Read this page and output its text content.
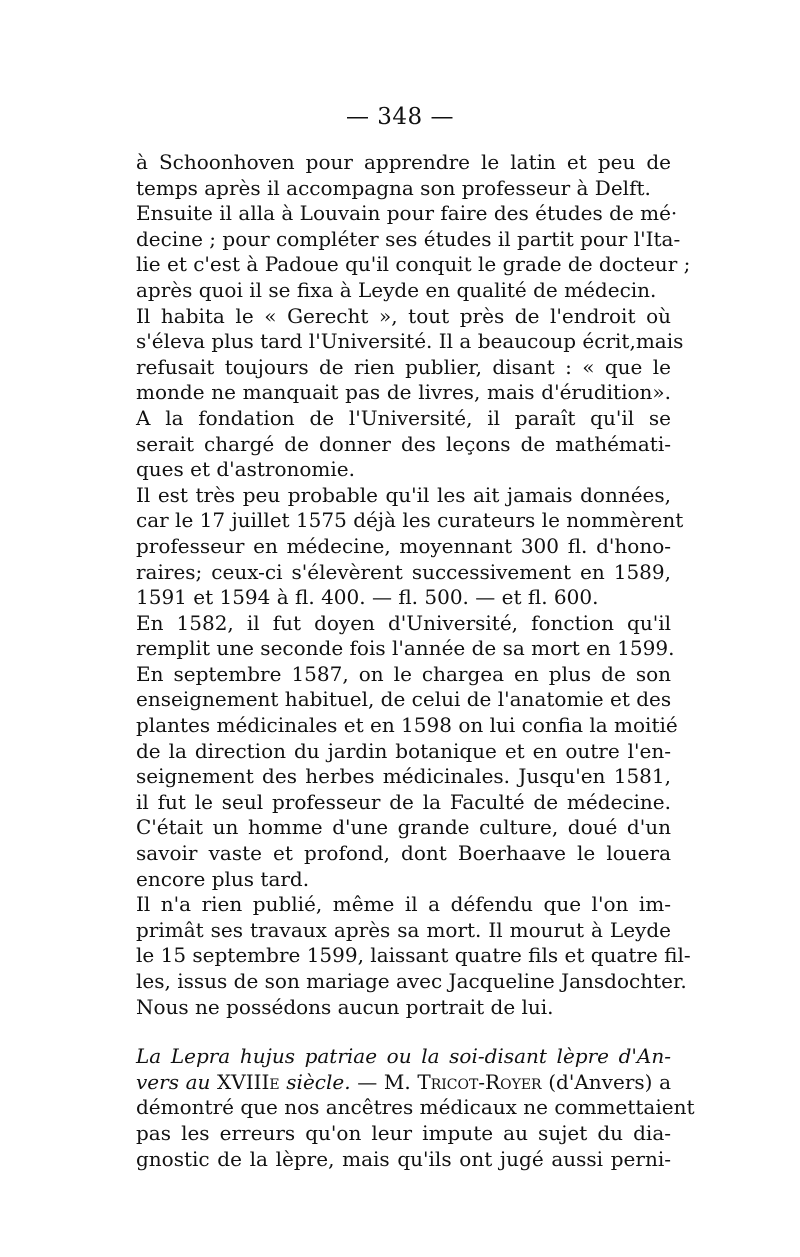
— 348 —
à Schoonhoven pour apprendre le latin et peu de
temps après il accompagna son professeur à Delft.
Ensuite il alla à Louvain pour faire des études de mé·
decine ; pour compléter ses études il partit pour l'Ita-
lie et c'est à Padoue qu'il conquit le grade de docteur ;
après quoi il se fixa à Leyde en qualité de médecin.
Il habita le « Gerecht », tout près de l'endroit où
s'éleva plus tard l'Université. Il a beaucoup écrit,mais
refusait toujours de rien publier, disant : « que le
monde ne manquait pas de livres, mais d'érudition».
A la fondation de l'Université, il paraît qu'il se
serait chargé de donner des leçons de mathémati-
ques et d'astronomie.
Il est très peu probable qu'il les ait jamais données,
car le 17 juillet 1575 déjà les curateurs le nommèrent
professeur en médecine, moyennant 300 fl. d'hono-
raires; ceux-ci s'élevèrent successivement en 1589,
1591 et 1594 à fl. 400. — fl. 500. — et fl. 600.
En 1582, il fut doyen d'Université, fonction qu'il
remplit une seconde fois l'année de sa mort en 1599.
En septembre 1587, on le chargea en plus de son
enseignement habituel, de celui de l'anatomie et des
plantes médicinales et en 1598 on lui confia la moitié
de la direction du jardin botanique et en outre l'en-
seignement des herbes médicinales. Jusqu'en 1581,
il fut le seul professeur de la Faculté de médecine.
C'était un homme d'une grande culture, doué d'un
savoir vaste et profond, dont Boerhaave le louera
encore plus tard.
Il n'a rien publié, même il a défendu que l'on im-
primât ses travaux après sa mort. Il mourut à Leyde
le 15 septembre 1599, laissant quatre fils et quatre fil-
les, issus de son mariage avec Jacqueline Jansdochter.
Nous ne possédons aucun portrait de lui.
La Lepra hujus patriae ou la soi-disant lèpre d'An-
vers au XVIIIe siècle. — M. Tricot-Royer (d'Anvers) a
démontré que nos ancêtres médicaux ne commettaient
pas les erreurs qu'on leur impute au sujet du dia-
gnostic de la lèpre, mais qu'ils ont jugé aussi perni-
